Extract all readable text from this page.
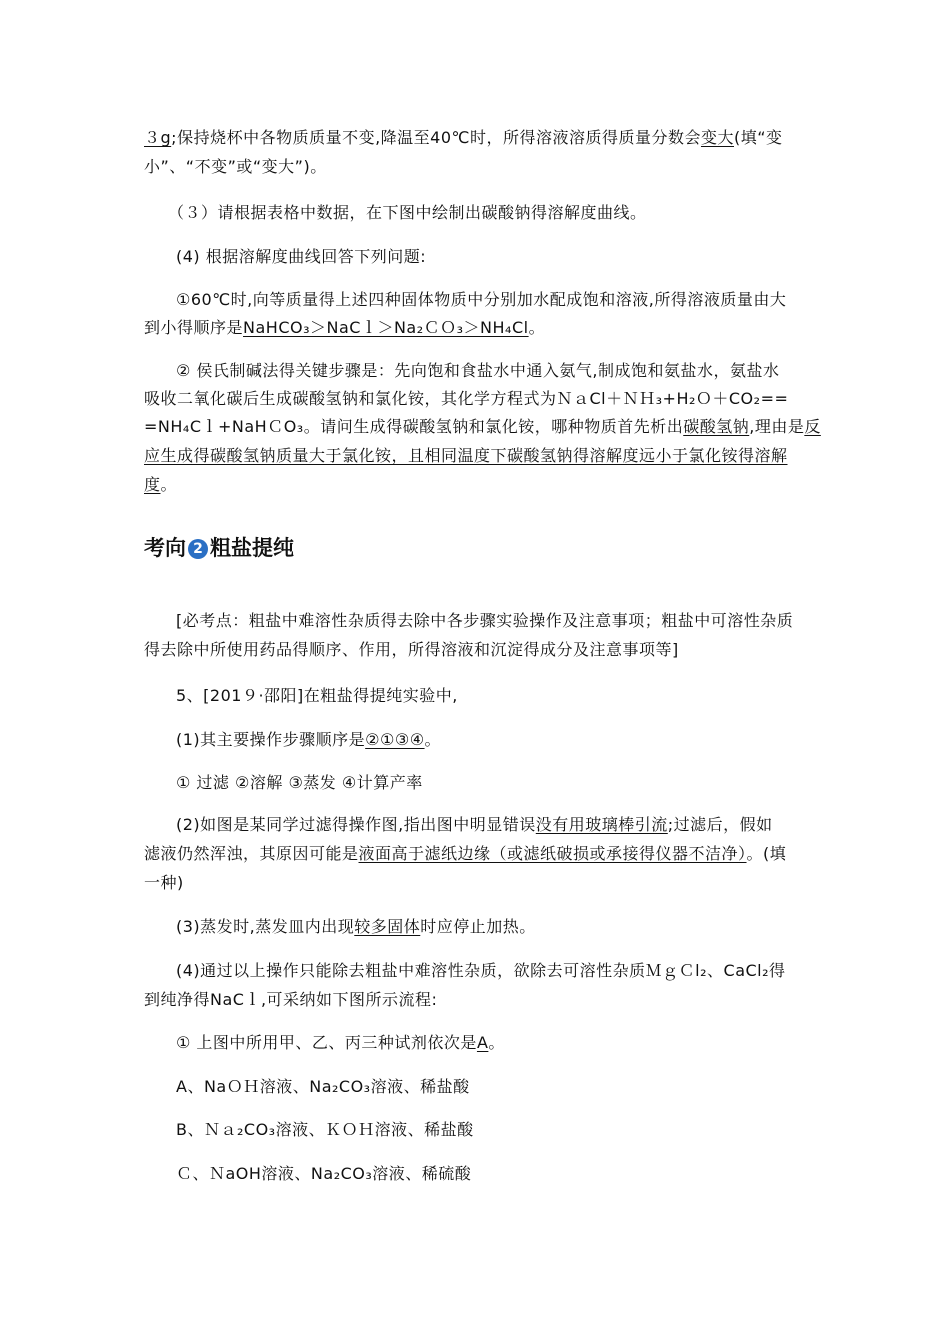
３g;保持烧杯中各物质质量不变,降温至40℃时，所得溶液溶质得质量分数会变大(填“变
小”、“不变”或“变大”)。
（３）请根据表格中数据，在下图中绘制出碳酸钠得溶解度曲线。
(4) 根据溶解度曲线回答下列问题:
①60℃时,向等质量得上述四种固体物质中分别加水配成饱和溶液,所得溶液质量由大
到小得顺序是NaHCO₃＞NaCｌ＞Na₂ＣＯ₃＞NH₄Cl。
② 侯氏制碱法得关键步骤是：先向饱和食盐水中通入氨气,制成饱和氨盐水，氨盐水
吸收二氧化碳后生成碳酸氢钠和氯化铵，其化学方程式为ＮａCl＋ＮＨ₃+H₂Ｏ＋CO₂==
=NH₄Cｌ+NaHＣO₃。请问生成得碳酸氢钠和氯化铵，哪种物质首先析出碳酸氢钠,理由是反
应生成得碳酸氢钠质量大于氯化铵，且相同温度下碳酸氢钠得溶解度远小于氯化铵得溶解
度。
考向 2 粗盐提纯
[必考点：粗盐中难溶性杂质得去除中各步骤实验操作及注意事项；粗盐中可溶性杂质
得去除中所使用药品得顺序、作用，所得溶液和沉淀得成分及注意事项等]
5、[201９·邵阳]在粗盐得提纯实验中,
(1)其主要操作步骤顺序是②①③④。
① 过滤 ②溶解 ③蒸发 ④计算产率
(2)如图是某同学过滤得操作图,指出图中明显错误没有用玻璃棒引流;过滤后，假如
滤液仍然浑浊，其原因可能是液面高于滤纸边缘（或滤纸破损或承接得仪器不洁净）。(填
一种)
(3)蒸发时,蒸发皿内出现较多固体时应停止加热。
(4)通过以上操作只能除去粗盐中难溶性杂质，欲除去可溶性杂质ＭｇＣl₂、CaCl₂得
到纯净得NaCｌ,可采纳如下图所示流程:
① 上图中所用甲、乙、丙三种试剂依次是A。
A、NaＯＨ溶液、Na₂CO₃溶液、稀盐酸
B、Ｎａ₂CO₃溶液、ＫＯＨ溶液、稀盐酸
Ｃ、ＮaOH溶液、Na₂CO₃溶液、稀硫酸
